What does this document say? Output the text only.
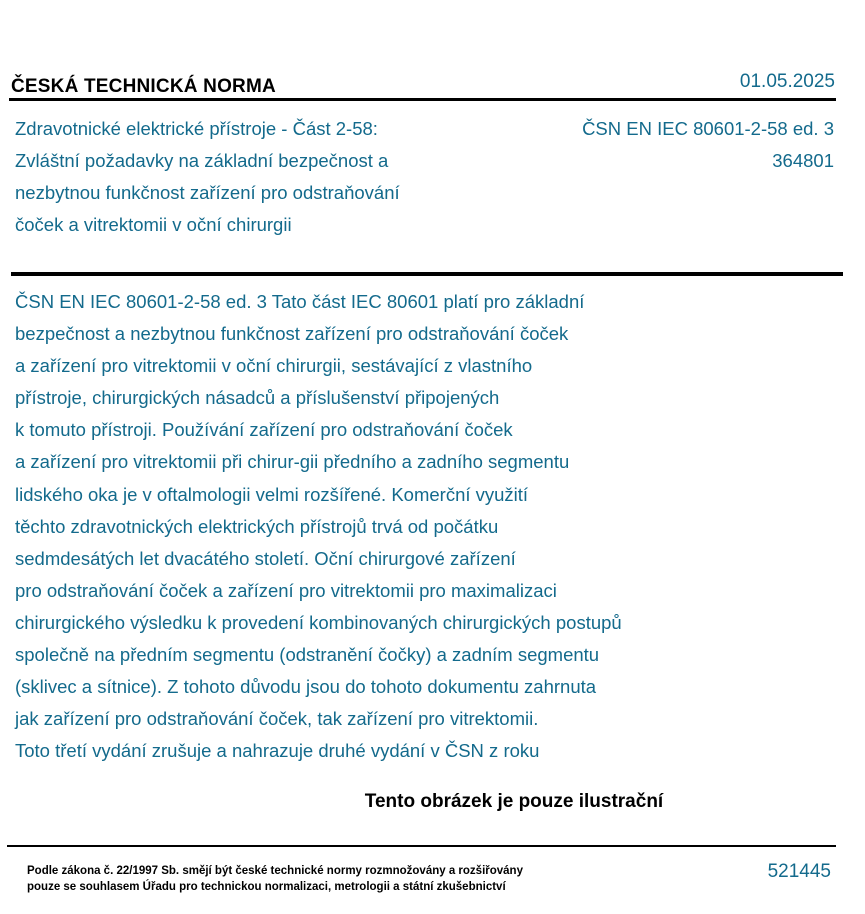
ČESKÁ TECHNICKÁ NORMA	01.05.2025
Zdravotnické elektrické přístroje - Část 2-58:
Zvláštní požadavky na základní bezpečnost a
nezbytnou funkčnost zařízení pro odstraňování
čoček a vitrektomii v oční chirurgii
ČSN EN IEC 80601-2-58 ed. 3
364801
ČSN EN IEC 80601-2-58 ed. 3 Tato část IEC 80601 platí pro základní
bezpečnost a nezbytnou funkčnost zařízení pro odstraňování čoček
a zařízení pro vitrektomii v oční chirurgii, sestávající z vlastního
přístroje, chirurgických násadců a příslušenství připojených
k tomuto přístroji. Používání zařízení pro odstraňování čoček
a zařízení pro vitrektomii při chirur-gii předního a zadního segmentu
lidského oka je v oftalmologii velmi rozšířené. Komerční využití
těchto zdravotnických elektrických přístrojů trvá od počátku
sedmdesátých let dvacátého století. Oční chirurgové zařízení
pro odstraňování čoček a zařízení pro vitrektomii pro maximalizaci
chirurgického výsledku k provedení kombinovaných chirurgických postupů
společně na předním segmentu (odstranění čočky) a zadním segmentu
(sklivec a sítnice). Z tohoto důvodu jsou do tohoto dokumentu zahrnuta
jak zařízení pro odstraňování čoček, tak zařízení pro vitrektomii.
Toto třetí vydání zrušuje a nahrazuje druhé vydání v ČSN z roku
Tento obrázek je pouze ilustrační
Podle zákona č. 22/1997 Sb. smějí být české technické normy rozmnožovány a rozšiřovány
pouze se souhlasem Úřadu pro technickou normalizaci, metrologii a státní zkušebnictví
521445
